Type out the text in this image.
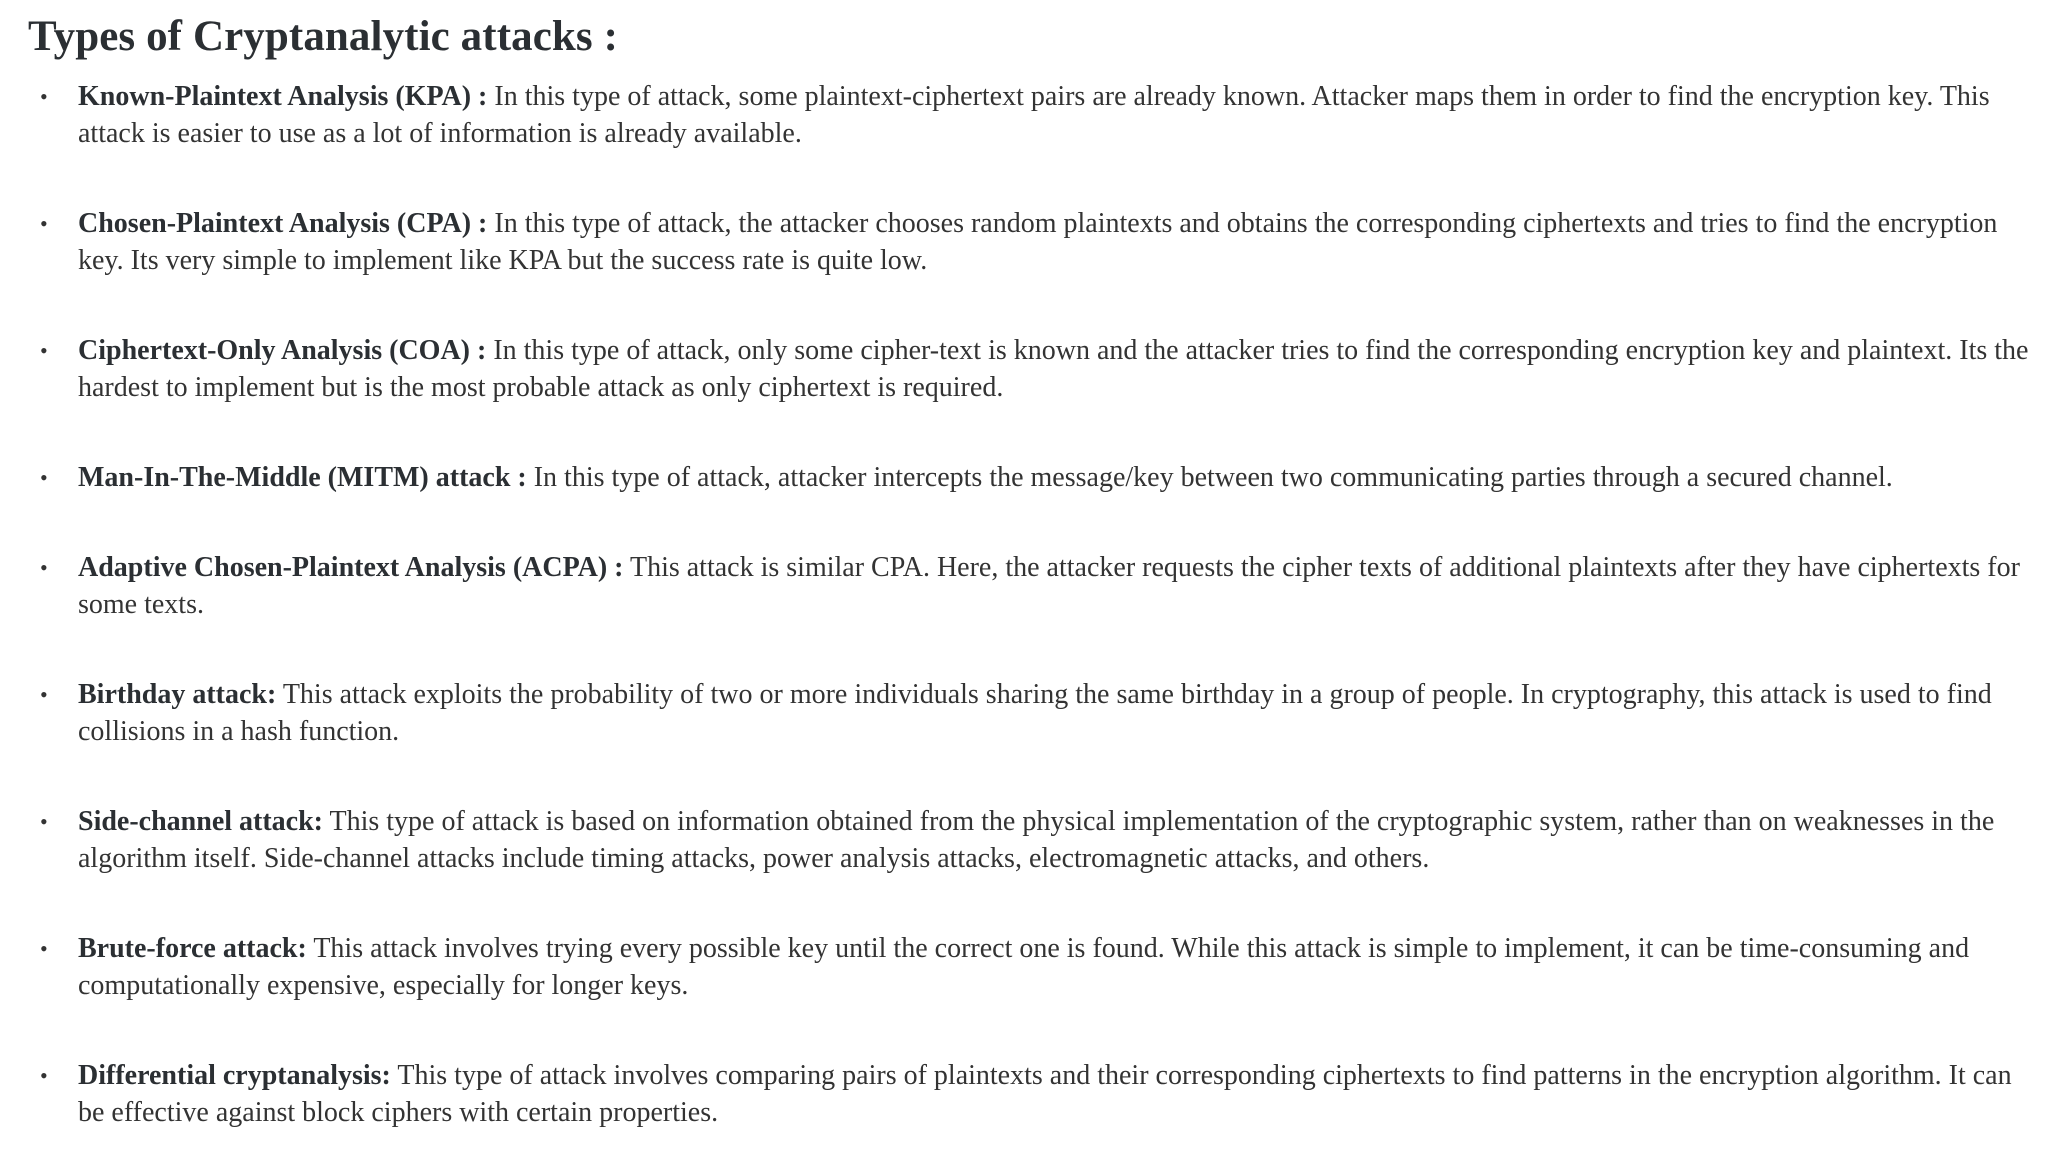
Types of Cryptanalytic attacks :
• Known-Plaintext Analysis (KPA) : In this type of attack, some plaintext-ciphertext pairs are already known. Attacker maps them in order to find the encryption key. This attack is easier to use as a lot of information is already available.
• Chosen-Plaintext Analysis (CPA) : In this type of attack, the attacker chooses random plaintexts and obtains the corresponding ciphertexts and tries to find the encryption key. Its very simple to implement like KPA but the success rate is quite low.
• Ciphertext-Only Analysis (COA) : In this type of attack, only some cipher-text is known and the attacker tries to find the corresponding encryption key and plaintext. Its the hardest to implement but is the most probable attack as only ciphertext is required.
• Man-In-The-Middle (MITM) attack : In this type of attack, attacker intercepts the message/key between two communicating parties through a secured channel.
• Adaptive Chosen-Plaintext Analysis (ACPA) : This attack is similar CPA. Here, the attacker requests the cipher texts of additional plaintexts after they have ciphertexts for some texts.
• Birthday attack: This attack exploits the probability of two or more individuals sharing the same birthday in a group of people. In cryptography, this attack is used to find collisions in a hash function.
• Side-channel attack: This type of attack is based on information obtained from the physical implementation of the cryptographic system, rather than on weaknesses in the algorithm itself. Side-channel attacks include timing attacks, power analysis attacks, electromagnetic attacks, and others.
• Brute-force attack: This attack involves trying every possible key until the correct one is found. While this attack is simple to implement, it can be time-consuming and computationally expensive, especially for longer keys.
• Differential cryptanalysis: This type of attack involves comparing pairs of plaintexts and their corresponding ciphertexts to find patterns in the encryption algorithm. It can be effective against block ciphers with certain properties.
